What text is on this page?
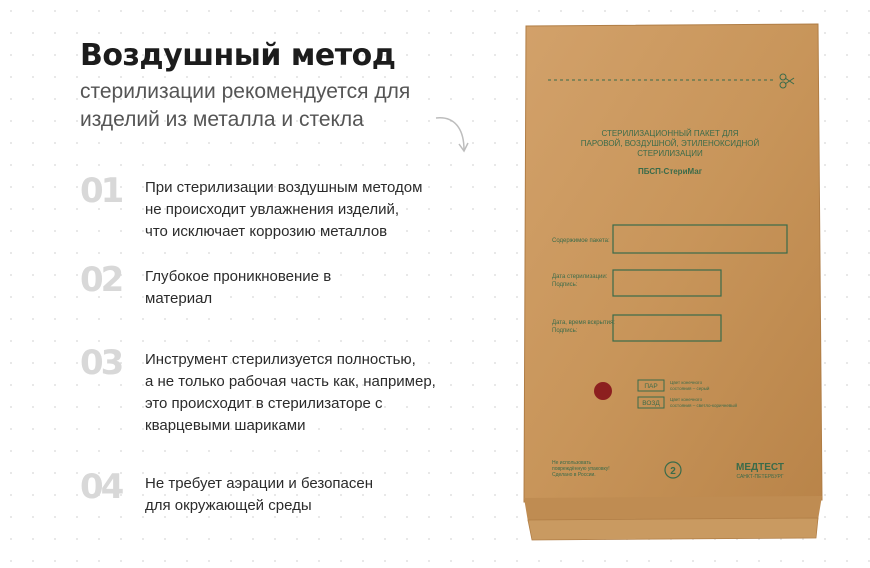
Воздушный метод
стерилизации рекомендуется для
изделий из металла и стекла
01 При стерилизации воздушным методом
не происходит увлажнения изделий,
что исключает коррозию металлов
02 Глубокое проникновение в
материал
03 Инструмент стерилизуется полностью,
а не только рабочая часть как, например,
это происходит в стерилизаторе с
кварцевыми шариками
04 Не требует аэрации и безопасен
для окружающей среды
СТЕРИЛИЗАЦИОННЫЙ ПАКЕТ ДЛЯ
ПАРОВОЙ, ВОЗДУШНОЙ, ЭТИЛЕНОКСИДНОЙ
СТЕРИЛИЗАЦИИ
ПБСП-СтериМаг
Содержимое пакета:
Дата стерилизации:
Подпись:
Дата, время вскрытия:
Подпись:
ПАР
Цвет конечного
состояния – серый
ВОЗД
Цвет конечного
состояния – светло-коричневый
Не использовать
повреждённую упаковку!
Сделано в России.	2	МЕДТЕСТ
САНКТ-ПЕТЕРБУРГ
